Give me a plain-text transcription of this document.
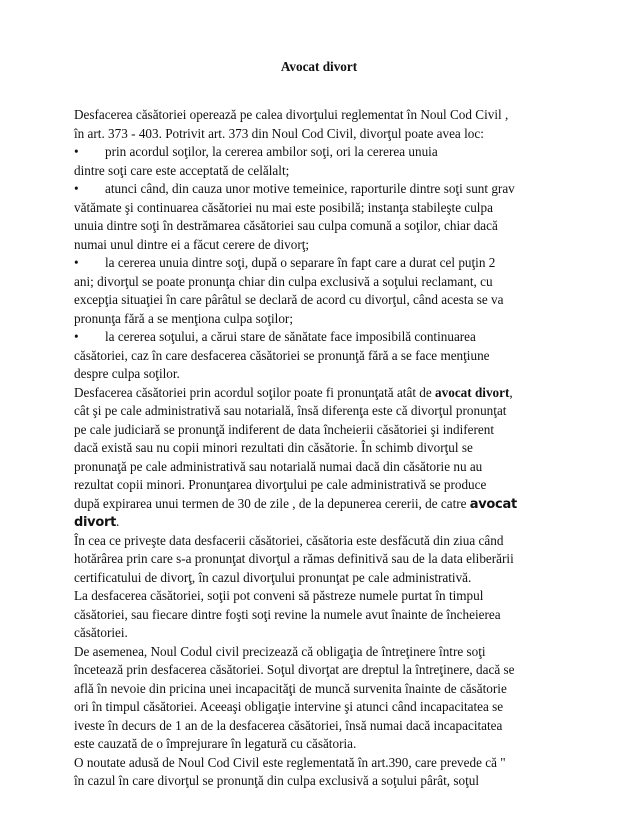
Avocat divort
Desfacerea căsătoriei operează pe calea divorţului reglementat în Noul Cod Civil ,
în art. 373 - 403. Potrivit art. 373 din Noul Cod Civil, divorţul poate avea loc:
• prin acordul soţilor, la cererea ambilor soţi, ori la cererea unuia
dintre soţi care este acceptată de celălalt;
• atunci când, din cauza unor motive temeinice, raporturile dintre soţi sunt grav
vătămate şi continuarea căsătoriei nu mai este posibilă; instanţa stabileşte culpa
unuia dintre soţi în destrămarea căsătoriei sau culpa comună a soţilor, chiar dacă
numai unul dintre ei a făcut cerere de divorţ;
• la cererea unuia dintre soţi, după o separare în fapt care a durat cel puţin 2
ani; divorţul se poate pronunţa chiar din culpa exclusivă a soţului reclamant, cu
excepţia situaţiei în care pârâtul se declară de acord cu divorţul, când acesta se va
pronunţa fără a se menţiona culpa soţilor;
• la cererea soţului, a cărui stare de sănătate face imposibilă continuarea
căsătoriei, caz în care desfacerea căsătoriei se pronunţă fără a se face menţiune
despre culpa soţilor.
Desfacerea căsătoriei prin acordul soţilor poate fi pronunţată atât de avocat divort,
cât şi pe cale administrativă sau notarială, însă diferenţa este că divorţul pronunţat
pe cale judiciară se pronunţă indiferent de data încheierii căsătoriei şi indiferent
dacă există sau nu copii minori rezultati din căsătorie. În schimb divorţul se
pronunaţă pe cale administrativă sau notarială numai dacă din căsătorie nu au
rezultat copii minori. Pronunţarea divorţului pe cale administrativă se produce
după expirarea unui termen de 30 de zile , de la depunerea cererii, de catre avocat
divort.
În cea ce priveşte data desfacerii căsătoriei, căsătoria este desfăcută din ziua când
hotărârea prin care s-a pronunţat divorţul a rămas definitivă sau de la data eliberării
certificatului de divorţ, în cazul divorţului pronunţat pe cale administrativă.
La desfacerea căsătoriei, soţii pot conveni să păstreze numele purtat în timpul
căsătoriei, sau fiecare dintre foşti soţi revine la numele avut înainte de încheierea
căsătoriei.
De asemenea, Noul Codul civil precizează că obligaţia de întreţinere între soţi
încetează prin desfacerea căsătoriei. Soţul divorţat are dreptul la întreţinere, dacă se
află în nevoie din pricina unei incapacităţi de muncă survenita înainte de căsătorie
ori în timpul căsătoriei. Aceeaşi obligaţie intervine şi atunci când incapacitatea se
iveste în decurs de 1 an de la desfacerea căsătoriei, însă numai dacă incapacitatea
este cauzată de o împrejurare în legatură cu căsătoria.
O noutate adusă de Noul Cod Civil este reglementată în art.390, care prevede că "
în cazul în care divorţul se pronunţă din culpa exclusivă a soţului pârât, soţul
